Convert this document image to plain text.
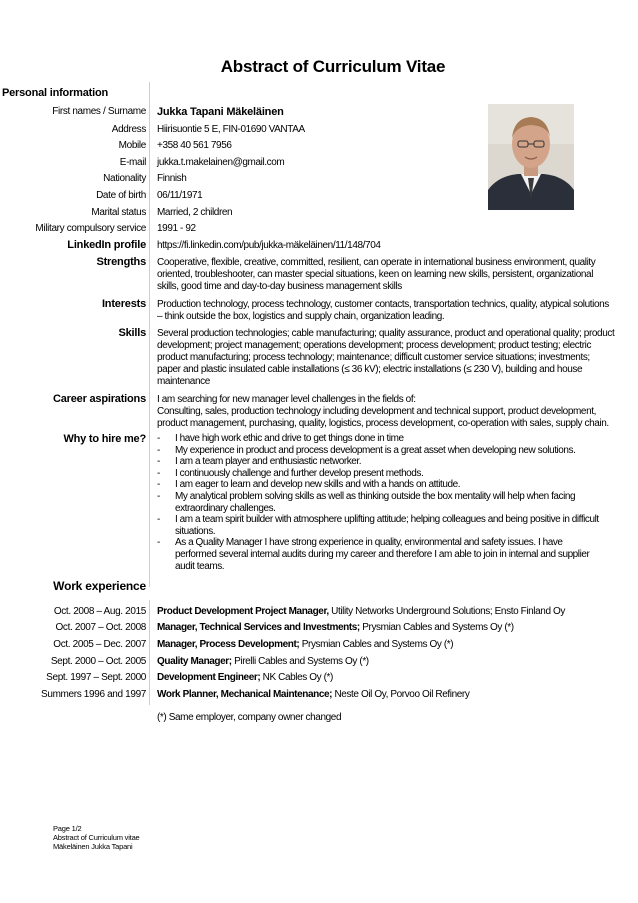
Abstract of Curriculum Vitae
Personal information
First names / Surname Jukka Tapani Mäkeläinen
Address Hiirisuontie 5 E, FIN-01690 VANTAA
Mobile +358 40 561 7956
E-mail jukka.t.makelainen@gmail.com
Nationality Finnish
Date of birth 06/11/1971
Marital status Married, 2 children
Military compulsory service 1991 - 92
LinkedIn profile https://fi.linkedin.com/pub/jukka-mäkeläinen/11/148/704
Strengths Cooperative, flexible, creative, committed, resilient, can operate in international business environment, quality
oriented, troubleshooter, can master special situations, keen on learning new skills, persistent, organizational
skills, good time and day-to-day business management skills
Interests Production technology, process technology, customer contacts, transportation technics, quality, atypical solutions
– think outside the box, logistics and supply chain, organization leading.
Skills Several production technologies; cable manufacturing; quality assurance, product and operational quality; product
development; project management; operations development; process development; product testing; electric
product manufacturing; process technology; maintenance; difficult customer service situations; investments;
paper and plastic insulated cable installations (≤ 36 kV); electric installations (≤ 230 V), building and house
maintenance
Career aspirations I am searching for new manager level challenges in the fields of:
Consulting, sales, production technology including development and technical support, product development,
product management, purchasing, quality, logistics, process development, co-operation with sales, supply chain.
Why to hire me?
-	I have high work ethic and drive to get things done in time
- My experience in product and process development is a great asset when developing new solutions.
- I am a team player and enthusiastic networker.
- I continuously challenge and further develop present methods.
- I am eager to learn and develop new skills and with a hands on attitude.
- My analytical problem solving skills as well as thinking outside the box mentality will help when facing extraordinary challenges.
- I am a team spirit builder with atmosphere uplifting attitude; helping colleagues and being positive in difficult situations.
- As a Quality Manager I have strong experience in quality, environmental and safety issues. I have performed several internal audits during my career and therefore I am able to join in internal and supplier audit teams.
Work experience
Oct. 2008 – Aug. 2015 Product Development Project Manager, Utility Networks Underground Solutions; Ensto Finland Oy
Oct. 2007 – Oct. 2008 Manager, Technical Services and Investments; Prysmian Cables and Systems Oy (*)
Oct. 2005 – Dec. 2007 Manager, Process Development; Prysmian Cables and Systems Oy (*)
Sept. 2000 – Oct. 2005 Quality Manager; Pirelli Cables and Systems Oy (*)
Sept. 1997 – Sept. 2000 Development Engineer; NK Cables Oy (*)
Summers 1996 and 1997 Work Planner, Mechanical Maintenance; Neste Oil Oy, Porvoo Oil Refinery
(*) Same employer, company owner changed
Page 1/2
Abstract of Curriculum vitae
Mäkeläinen Jukka Tapani
